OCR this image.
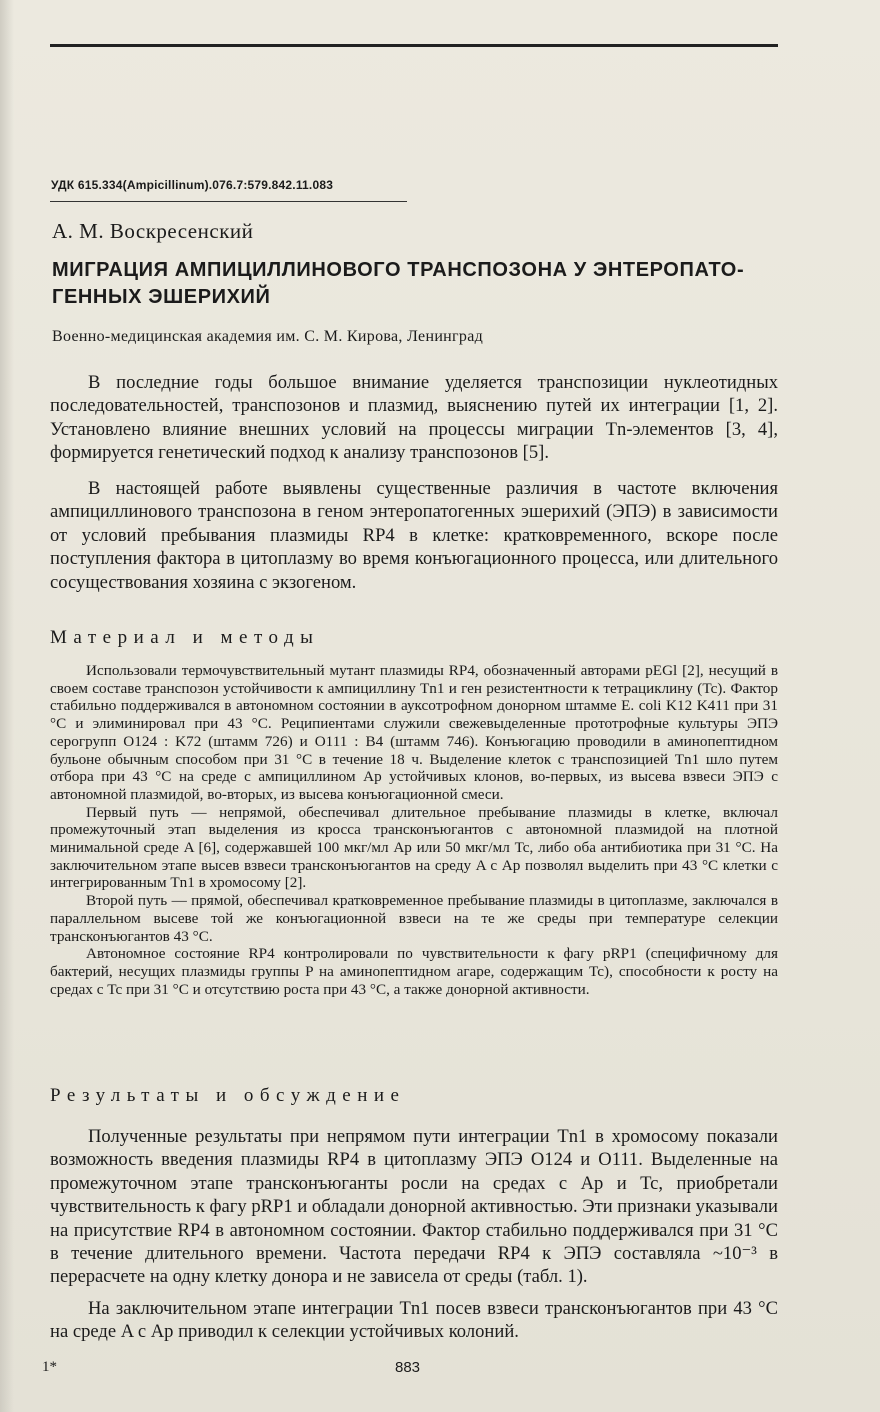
УДК 615.334(Ampicillinum).076.7:579.842.11.083
А. М. Воскресенский
МИГРАЦИЯ АМПИЦИЛЛИНОВОГО ТРАНСПОЗОНА У ЭНТЕРОПАТО-ГЕННЫХ ЭШЕРИХИЙ
Военно-медицинская академия им. С. М. Кирова, Ленинград

В последние годы большое внимание уделяется транспозиции нуклеотидных последовательностей, транспозонов и плазмид, выяснению путей их интеграции [1, 2]. Установлено влияние внешних условий на процессы миграции Tn-элементов [3, 4], формируется генетический подход к анализу транспозонов [5].

В настоящей работе выявлены существенные различия в частоте включения ампициллинового транспозона в геном энтеропатогенных эшерихий (ЭПЭ) в зависимости от условий пребывания плазмиды RP4 в клетке: кратковременного, вскоре после поступления фактора в цитоплазму во время конъюгационного процесса, или длительного сосуществования хозяина с экзогеном.

Материал и методы

Использовали термочувствительный мутант плазмиды RP4, обозначенный авторами pEGl [2], несущий в своем составе транспозон устойчивости к ампициллину Tn1 и ген резистентности к тетрациклину (Tc). Фактор стабильно поддерживался в автономном состоянии в ауксотрофном донорном штамме E. coli K12 K411 при 31 °C и элиминировал при 43 °C. Реципиентами служили свежевыделенные прототрофные культуры ЭПЭ серогрупп O124 : K72 (штамм 726) и O111 : B4 (штамм 746). Конъюгацию проводили в аминопептидном бульоне обычным способом при 31 °C в течение 18 ч. Выделение клеток с транспозицией Tn1 шло путем отбора при 43 °C на среде с ампициллином Ap устойчивых клонов, во-первых, из высева взвеси ЭПЭ с автономной плазмидой, во-вторых, из высева конъюгационной смеси.

Первый путь — непрямой, обеспечивал длительное пребывание плазмиды в клетке, включал промежуточный этап выделения из кросса трансконъюгантов с автономной плазмидой на плотной минимальной среде A [6], содержавшей 100 мкг/мл Ap или 50 мкг/мл Tc, либо оба антибиотика при 31 °C. На заключительном этапе высев взвеси трансконъюгантов на среду A с Ap позволял выделить при 43 °C клетки с интегрированным Tn1 в хромосому [2].

Второй путь — прямой, обеспечивал кратковременное пребывание плазмиды в цитоплазме, заключался в параллельном высеве той же конъюгационной взвеси на те же среды при температуре селекции трансконъюгантов 43 °C.

Автономное состояние RP4 контролировали по чувствительности к фагу pRP1 (специфичному для бактерий, несущих плазмиды группы P на аминопептидном агаре, содержащим Tc), способности к росту на средах с Tc при 31 °C и отсутствию роста при 43 °C, а также донорной активности.

Результаты и обсуждение

Полученные результаты при непрямом пути интеграции Tn1 в хромосому показали возможность введения плазмиды RP4 в цитоплазму ЭПЭ O124 и O111. Выделенные на промежуточном этапе трансконъюганты росли на средах с Ap и Tc, приобретали чувствительность к фагу pRP1 и обладали донорной активностью. Эти признаки указывали на присутствие RP4 в автономном состоянии. Фактор стабильно поддерживался при 31 °C в течение длительного времени. Частота передачи RP4 к ЭПЭ составляла ~10⁻³ в перерасчете на одну клетку донора и не зависела от среды (табл. 1).

На заключительном этапе интеграции Tn1 посев взвеси трансконъюгантов при 43 °C на среде A с Ap приводил к селекции устойчивых колоний.

1*	883
